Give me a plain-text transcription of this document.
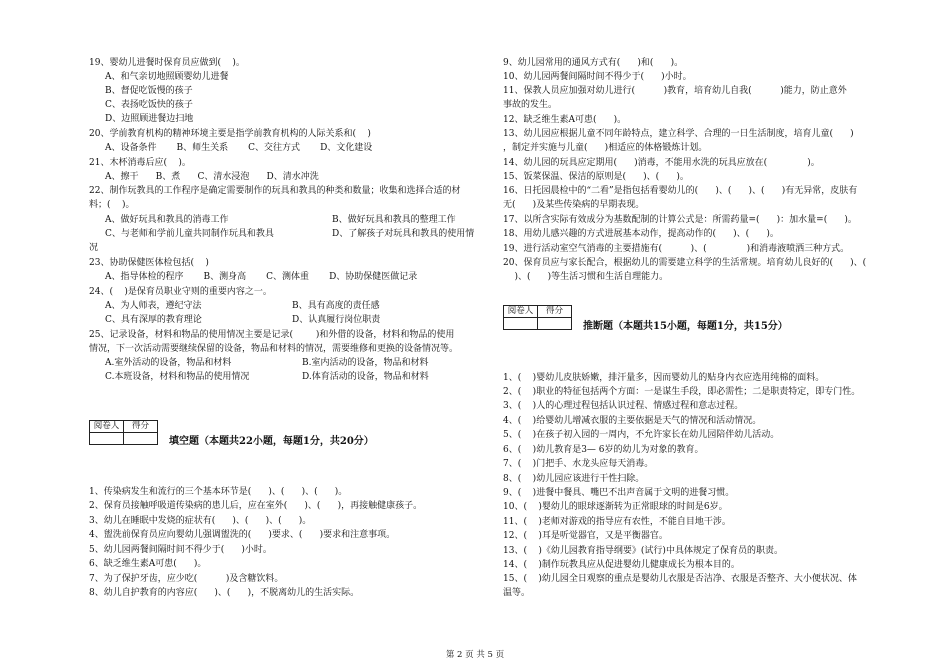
19、婴幼儿进餐时保育员应做到(    )。
A、和气亲切地照顾婴幼儿进餐
B、督促吃饭慢的孩子
C、表扬吃饭快的孩子
D、边照顾进餐边扫地
20、学前教育机构的精神环境主要是指学前教育机构的人际关系和(    )
A、设备条件       B、师生关系       C、交往方式       D、文化建设
21、木杯消毒后应(    )。
A、擦干      B、煮      C、清水浸泡      D、清水冲洗
22、制作玩教具的工作程序是确定需要制作的玩具和教具的种类和数量；收集和选择合适的材
料；(    )。
A、做好玩具和教具的消毒工作	B、做好玩具和教具的整理工作
C、与老师和学前儿童共同制作玩具和教具	D、了解孩子对玩具和教具的使用情
况
23、协助保健医体检包括(    )
A、指导体检的程序       B、测身高       C、测体重       D、协助保健医做记录
24、(    )是保育员职业守则的重要内容之一。
A、为人师表，遵纪守法	B、具有高度的责任感
C、具有深厚的教育理论	D、认真履行岗位职责
25、记录设备，材料和物品的使用情况主要是记录(        )和外借的设备，材料和物品的使用
情况，下一次活动需要继续保留的设备，物品和材料的情况，需要维修和更换的设备情况等。
A.室外活动的设备，物品和材料	B.室内活动的设备，物品和材料
C.本班设备，材料和物品的使用情况	D.体育活动的设备，物品和材料
阅卷人	得分

填空题（本题共22小题，每题1分，共20分）
1、传染病发生和流行的三个基本环节是(      )、(      )、(      )。
2、保育员接触呼吸道传染病的患儿后，应在室外(      )、(      )，再接触健康孩子。
3、幼儿在睡眠中发烧的症状有(      )、(      )、(      )。
4、盥洗前保育员应向婴幼儿强调盥洗的(      )要求、(      )要求和注意事项。
5、幼儿园两餐间隔时间不得少于(      )小时。
6、缺乏维生素A可患(      )。
7、为了保护牙齿，应少吃(          )及含糖饮料。
8、幼儿自护教育的内容应(      )、(      )，不脱离幼儿的生活实际。
9、幼儿园常用的通风方式有(      )和(      )。
10、幼儿园两餐间隔时间不得少于(      )小时。
11、保教人员应加强对幼儿进行(          )教育，培育幼儿自我(          )能力，防止意外
事故的发生。
12、缺乏维生素A可患(      )。
13、幼儿园应根据儿童不同年龄特点，建立科学、合理的一日生活制度，培育儿童(      )
，制定并实施与儿童(      )相适应的体格锻炼计划。
14、幼儿园的玩具应定期用(      )消毒，不能用水洗的玩具应放在(              )。
15、饭菜保温、保洁的原则是(      )、(      )。
16、日托园晨检中的“二看”是指包括看婴幼儿的(      )、(      )、(      )有无异常，皮肤有
无(      )及某些传染病的早期表现。
17、以所含实际有效成分为基数配制的计算公式是：所需药量=(      )：加水量=(      )。
18、用幼儿感兴趣的方式进展基本动作，提高动作的(      )、(      )。
19、进行活动室空气消毒的主要措施有(          )、(              )和消毒液喷洒三种方式。
20、保育员应与家长配合，根据幼儿的需要建立科学的生活常规。培育幼儿良好的(      )、(
)、(      )等生活习惯和生活自理能力。
阅卷人	得分

推断题（本题共15小题，每题1分，共15分）
1、(    )婴幼儿皮肤娇嫩，排汗量多，因而婴幼儿的贴身内衣应选用纯棉的面料。
2、(    )职业的特征包括两个方面：一是谋生手段，即必需性；二是职责特定，即专门性。
3、(    )人的心理过程包括认识过程、情感过程和意志过程。
4、(    )给婴幼儿增减衣服的主要依据是天气的情况和活动情况。
5、(    )在孩子初入园的一周内，不允许家长在幼儿园陪伴幼儿活动。
6、(    )幼儿教育是3— 6岁的幼儿为对象的教育。
7、(    )门把手、水龙头应每天消毒。
8、(    )幼儿园应该进行干性扫除。
9、(    )进餐中餐具、嘴巴不出声音属于文明的进餐习惯。
10、(    )婴幼儿的眼球逐渐转为正常眼球的时间是6岁。
11、(    )老师对游戏的指导应有农性，不能自目地干涉。
12、(    )耳是听觉器官，又是平衡器官。
13、(    )《幼儿园教育指导纲要》(试行)中具体规定了保育员的职责。
14、(    )制作玩教具应从促进婴幼儿健康成长为根本目的。
15、(    )幼儿园全日观察的重点是婴幼儿衣服是否洁净、衣服是否整齐、大小便状况、体
温等。
第 2 页 共 5 页
